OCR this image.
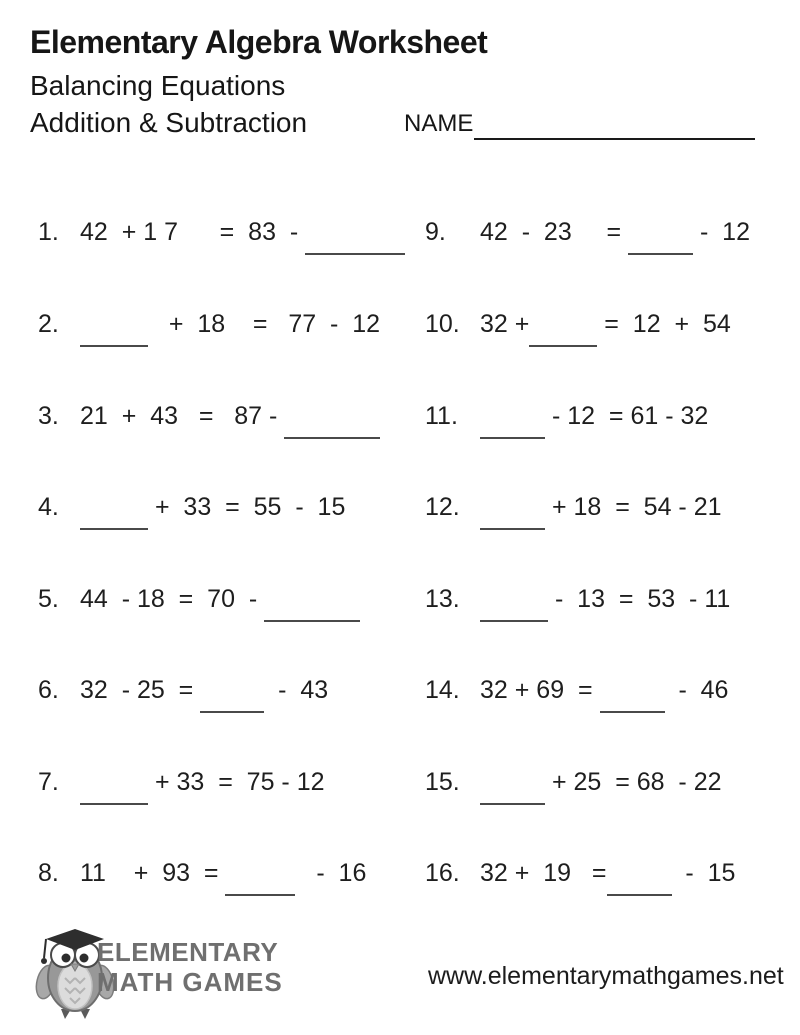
Elementary Algebra Worksheet
Balancing Equations
Addition & Subtraction	NAME
1. 42  + 1 7      =  83  -
2.	+  18    =   77  -  12
3. 21  +  43   =   87 -
4.	+  33  =  55  -  15
5. 44  - 18  =  70  -
6. 32  - 25  =	-  43
7.	+ 33  =  75 - 12
8. 11    +  93  =	-  16
9. 42  -  23     =	-  12
10. 32 +	=  12  +  54
11.	- 12  = 61 - 32
12.	+ 18  =  54 - 21
13.	-  13  =  53  - 11
14. 32 + 69  =	-  46
15.	+ 25  = 68  - 22
16. 32 +  19   =	-  15
ELEMENTARY
MATH GAMES	www.elementarymathgames.net
